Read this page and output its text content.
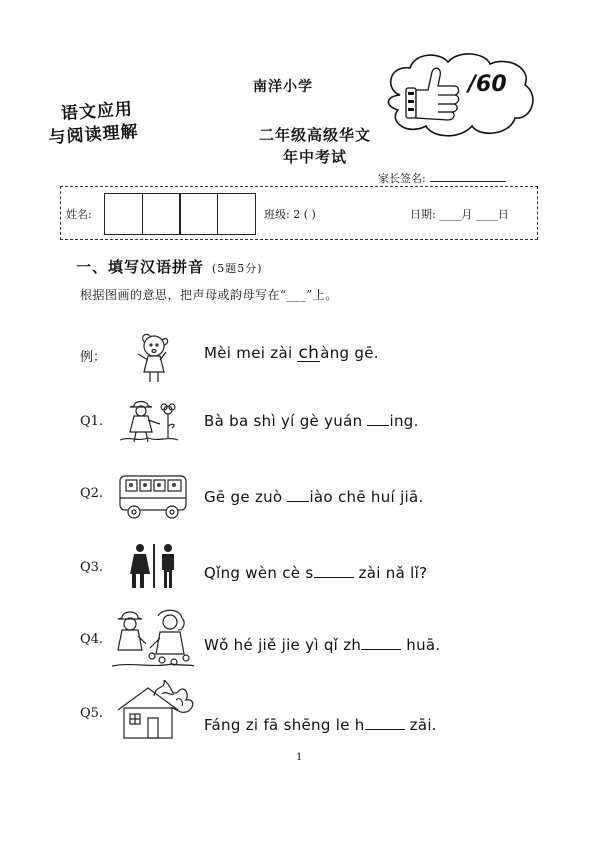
南洋小学
语文应用
与阅读理解	二年级高级华文
年中考试
/60
家长签名:
姓名:	班级: 2 ( )	日期: ____月 ____日
一、填写汉语拼音 (5题5分)
根据图画的意思，把声母或韵母写在“___”上。
例：
Q1.
Q2.
Q3.
Q4.
Q5.
Mèi mei zài chàng gē.
Bà ba shì yí gè yuán ing.
Gē ge zuò iào chē huí jiā.
Qǐng wèn cè s	zài nǎ lǐ?
Wǒ hé jiě jie yì qǐ zh	huā.
Fáng zi fā shēng le h	zāi.
1
